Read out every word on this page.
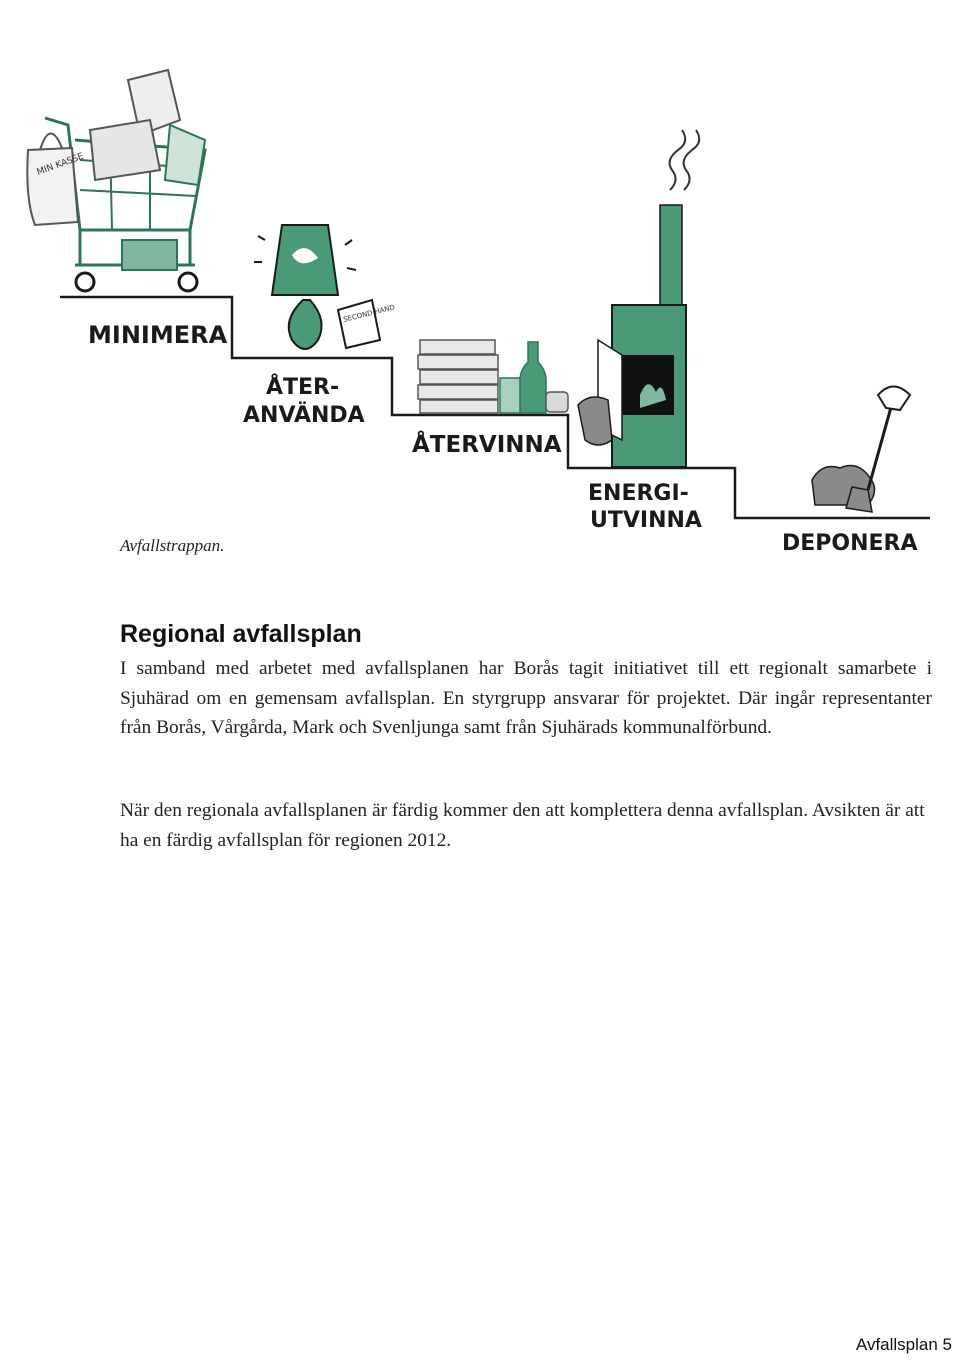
MIN KASSE
SECOND HAND
MINIMERA
ÅTER-
ANVÄNDA
ÅTERVINNA
ENERGI-
UTVINNA
DEPONERA
Avfallstrappan.
Regional avfallsplan

I samband med arbetet med avfallsplanen har Borås tagit initiativet till ett regionalt samarbete i Sjuhärad om en gemensam avfallsplan. En styrgrupp ansvarar för projektet. Där ingår representanter från Borås, Vårgårda, Mark och Svenljunga samt från Sjuhärads kommunalförbund.

När den regionala avfallsplanen är färdig kommer den att komplettera denna avfallsplan. Avsikten är att ha en färdig avfallsplan för regionen 2012.

Avfallsplan 5
